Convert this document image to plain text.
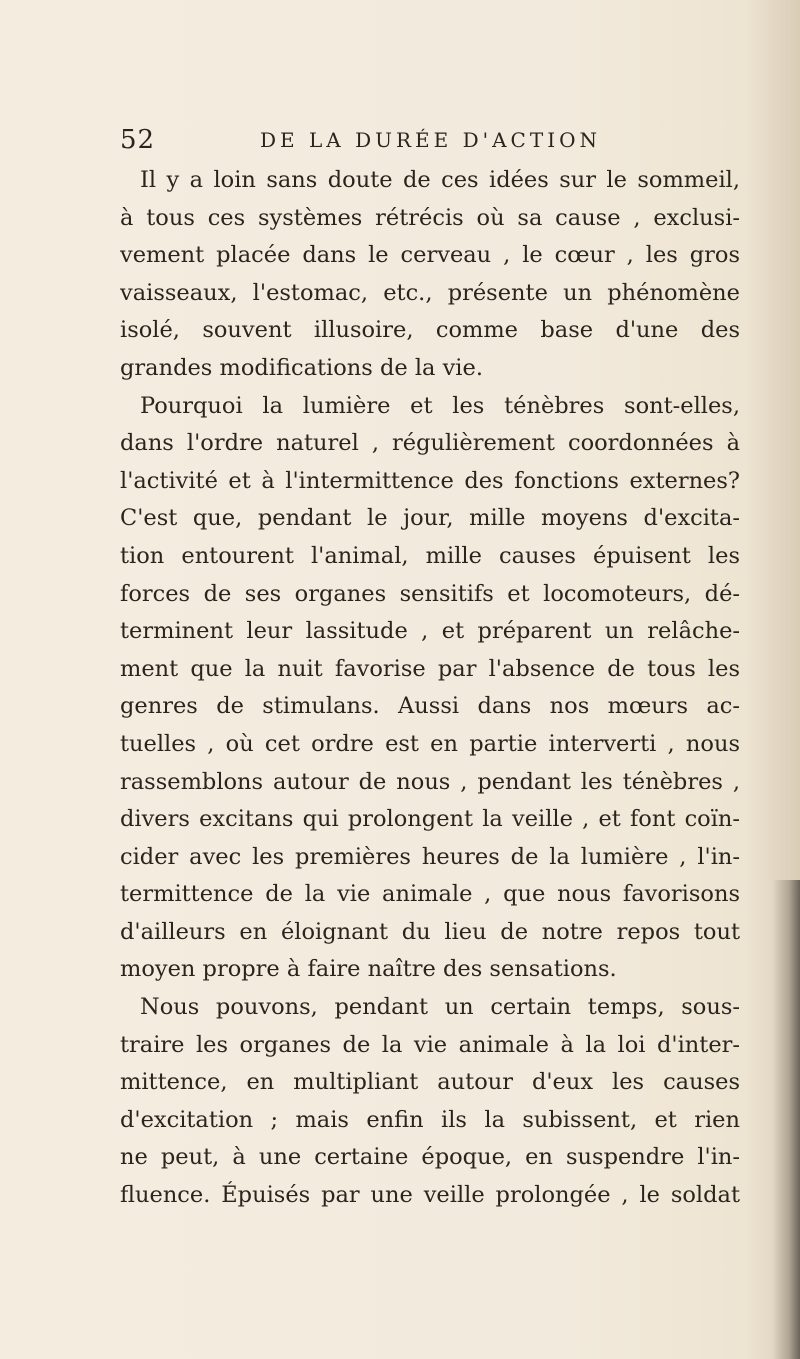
52	DE LA DURÉE D'ACTION
Il y a loin sans doute de ces idées sur le sommeil,
à tous ces systèmes rétrécis où sa cause , exclusi-
vement placée dans le cerveau , le cœur , les gros
vaisseaux, l'estomac, etc., présente un phénomène
isolé, souvent illusoire, comme base d'une des
grandes modifications de la vie.
Pourquoi la lumière et les ténèbres sont-elles,
dans l'ordre naturel , régulièrement coordonnées à
l'activité et à l'intermittence des fonctions externes?
C'est que, pendant le jour, mille moyens d'excita-
tion entourent l'animal, mille causes épuisent les
forces de ses organes sensitifs et locomoteurs, dé-
terminent leur lassitude , et préparent un relâche-
ment que la nuit favorise par l'absence de tous les
genres de stimulans. Aussi dans nos mœurs ac-
tuelles , où cet ordre est en partie interverti , nous
rassemblons autour de nous , pendant les ténèbres ,
divers excitans qui prolongent la veille , et font coïn-
cider avec les premières heures de la lumière , l'in-
termittence de la vie animale , que nous favorisons
d'ailleurs en éloignant du lieu de notre repos tout
moyen propre à faire naître des sensations.
Nous pouvons, pendant un certain temps, sous-
traire les organes de la vie animale à la loi d'inter-
mittence, en multipliant autour d'eux les causes
d'excitation ; mais enfin ils la subissent, et rien
ne peut, à une certaine époque, en suspendre l'in-
fluence. Épuisés par une veille prolongée , le soldat
